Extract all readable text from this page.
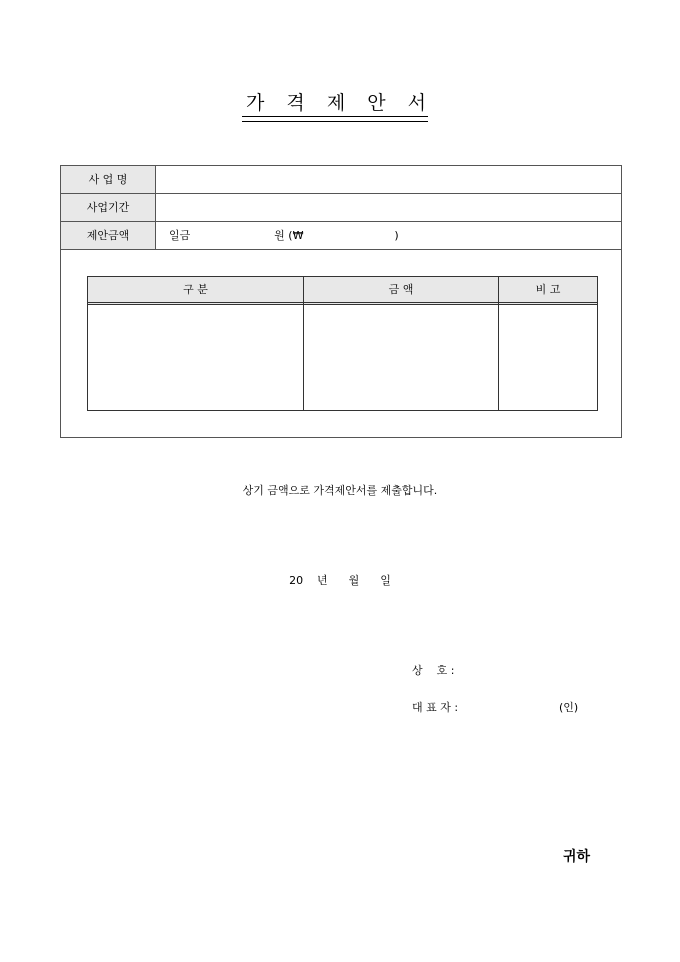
가 격 제 안 서
사 업 명
사업기간
제안금액	일금                        원 (₩                          )
구 분	금 액	비 고
상기 금액으로 가격제안서를 제출합니다.
20    년      월      일
상    호 :
대 표 자 :	(인)
귀하
